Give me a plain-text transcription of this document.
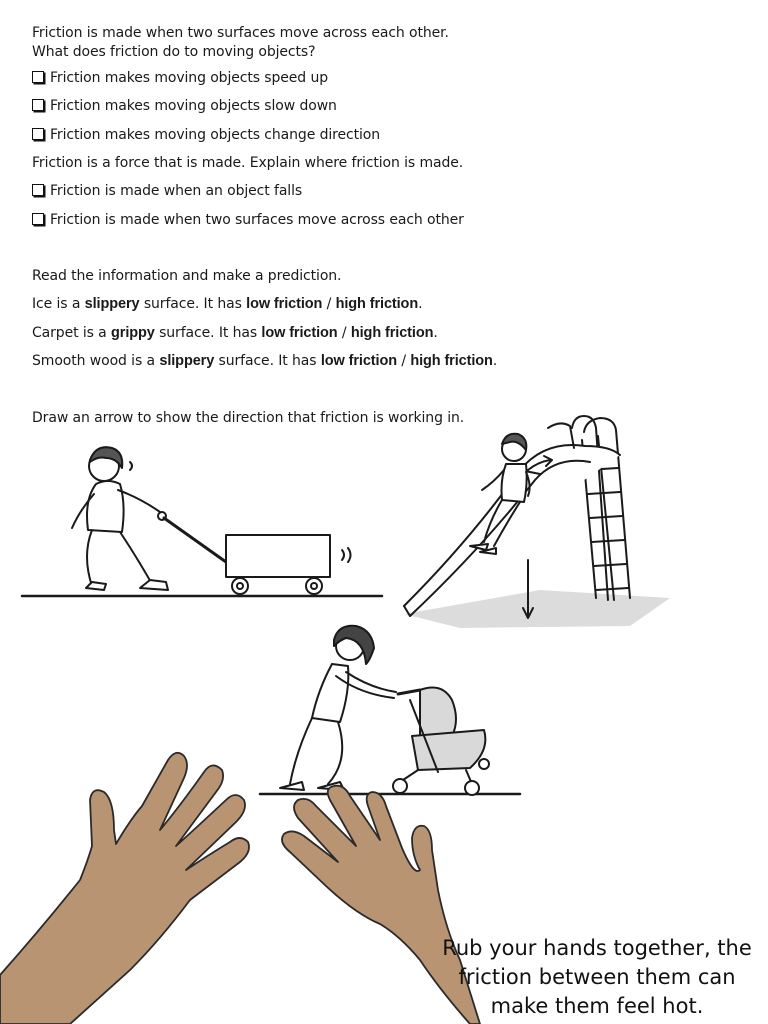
Friction is made when two surfaces move across each other.
What does friction do to moving objects?
Friction makes moving objects speed up
Friction makes moving objects slow down
Friction makes moving objects change direction
Friction is a force that is made. Explain where friction is made.
Friction is made when an object falls
Friction is made when two surfaces move across each other
Read the information and make a prediction.
Ice is a slippery surface. It has low friction / high friction.
Carpet is a grippy surface. It has low friction / high friction.
Smooth wood is a slippery surface. It has low friction / high friction.
Draw an arrow to show the direction that friction is working in.
Rub your hands together, the friction between them can make them feel hot.
